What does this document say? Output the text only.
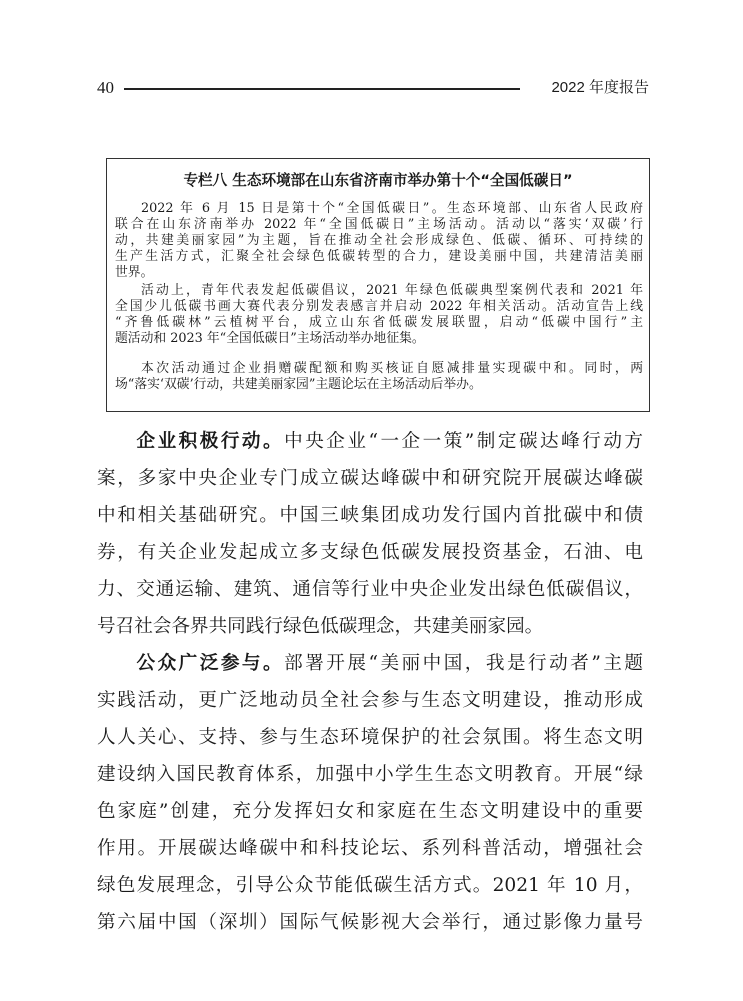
40	2022 年度报告
专栏八 生态环境部在山东省济南市举办第十个“全国低碳日”
2022 年 6 月 15 日是第十个“全国低碳日”。生态环境部、山东省人民政府
联合在山东济南举办 2022 年“全国低碳日”主场活动。活动以“落实‘双碳’行
动，共建美丽家园”为主题，旨在推动全社会形成绿色、低碳、循环、可持续的
生产生活方式，汇聚全社会绿色低碳转型的合力，建设美丽中国，共建清洁美丽
世界。
活动上，青年代表发起低碳倡议，2021 年绿色低碳典型案例代表和 2021 年
全国少儿低碳书画大赛代表分别发表感言并启动 2022 年相关活动。活动宣告上线
“齐鲁低碳林”云植树平台，成立山东省低碳发展联盟，启动“低碳中国行”主
题活动和 2023 年“全国低碳日”主场活动举办地征集。
本次活动通过企业捐赠碳配额和购买核证自愿减排量实现碳中和。同时，两
场“落实‘双碳’行动，共建美丽家园”主题论坛在主场活动后举办。
企业积极行动。中央企业“一企一策”制定碳达峰行动方
案，多家中央企业专门成立碳达峰碳中和研究院开展碳达峰碳
中和相关基础研究。中国三峡集团成功发行国内首批碳中和债
券，有关企业发起成立多支绿色低碳发展投资基金，石油、电
力、交通运输、建筑、通信等行业中央企业发出绿色低碳倡议，
号召社会各界共同践行绿色低碳理念，共建美丽家园。
公众广泛参与。部署开展“美丽中国，我是行动者”主题
实践活动，更广泛地动员全社会参与生态文明建设，推动形成
人人关心、支持、参与生态环境保护的社会氛围。将生态文明
建设纳入国民教育体系，加强中小学生生态文明教育。开展“绿
色家庭”创建，充分发挥妇女和家庭在生态文明建设中的重要
作用。开展碳达峰碳中和科技论坛、系列科普活动，增强社会
绿色发展理念，引导公众节能低碳生活方式。2021 年 10 月，
第六届中国（深圳）国际气候影视大会举行，通过影像力量号
